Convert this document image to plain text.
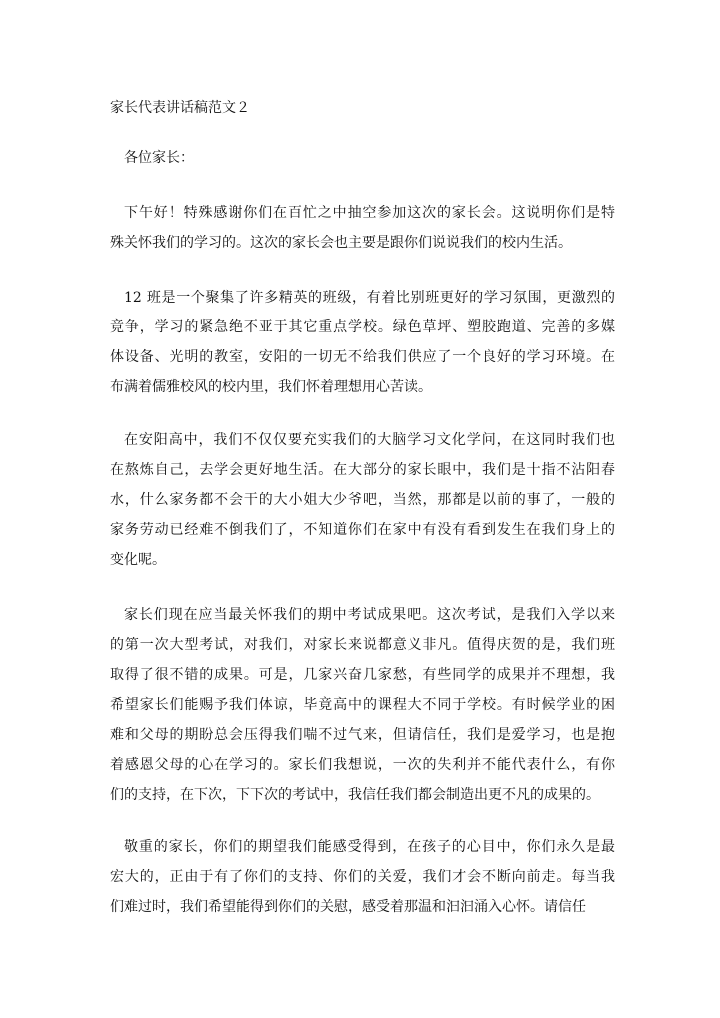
家长代表讲话稿范文２
各位家长：
下午好！特殊感谢你们在百忙之中抽空参加这次的家长会。这说明你们是特
殊关怀我们的学习的。这次的家长会也主要是跟你们说说我们的校内生活。
12 班是一个聚集了许多精英的班级，有着比别班更好的学习氛围，更激烈的
竞争，学习的紧急绝不亚于其它重点学校。绿色草坪、塑胶跑道、完善的多媒
体设备、光明的教室，安阳的一切无不给我们供应了一个良好的学习环境。在
布满着儒雅校风的校内里，我们怀着理想用心苦读。
在安阳高中，我们不仅仅要充实我们的大脑学习文化学问，在这同时我们也
在熬炼自己，去学会更好地生活。在大部分的家长眼中，我们是十指不沾阳春
水，什么家务都不会干的大小姐大少爷吧，当然，那都是以前的事了，一般的
家务劳动已经难不倒我们了，不知道你们在家中有没有看到发生在我们身上的
变化呢。
家长们现在应当最关怀我们的期中考试成果吧。这次考试，是我们入学以来
的第一次大型考试，对我们，对家长来说都意义非凡。值得庆贺的是，我们班
取得了很不错的成果。可是，几家兴奋几家愁，有些同学的成果并不理想，我
希望家长们能赐予我们体谅，毕竟高中的课程大不同于学校。有时候学业的困
难和父母的期盼总会压得我们喘不过气来，但请信任，我们是爱学习，也是抱
着感恩父母的心在学习的。家长们我想说，一次的失利并不能代表什么，有你
们的支持，在下次，下下次的考试中，我信任我们都会制造出更不凡的成果的。
敬重的家长，你们的期望我们能感受得到，在孩子的心目中，你们永久是最
宏大的，正由于有了你们的支持、你们的关爱，我们才会不断向前走。每当我
们难过时，我们希望能得到你们的关慰，感受着那温和汩汩涌入心怀。请信任
